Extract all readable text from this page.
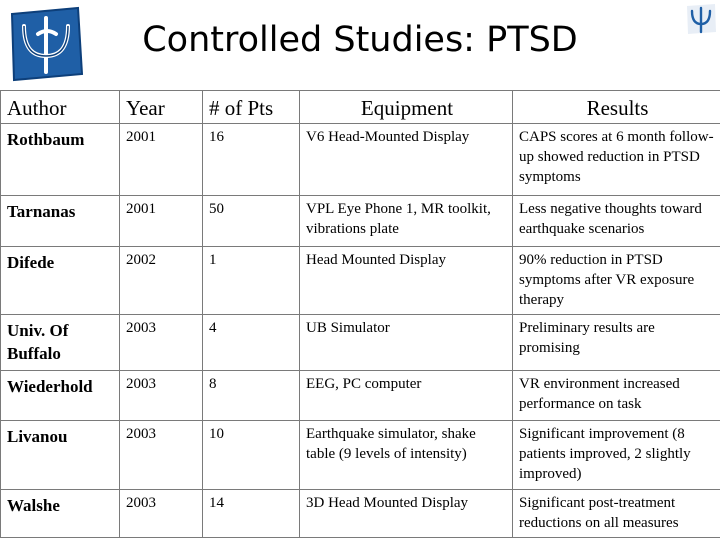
Controlled Studies: PTSD
Author	Year	# of Pts	Equipment	Results
Rothbaum	2001	16	V6 Head-Mounted Display	CAPS scores at 6 month follow-up showed reduction in PTSD symptoms
Tarnanas	2001	50	VPL Eye Phone 1, MR toolkit, vibrations plate	Less negative thoughts toward earthquake scenarios
Difede	2002	1	Head Mounted Display	90% reduction in PTSD symptoms after VR exposure therapy
Univ. Of Buffalo	2003	4	UB Simulator	Preliminary results are promising
Wiederhold	2003	8	EEG, PC computer	VR environment increased performance on task
Livanou	2003	10	Earthquake simulator, shake table (9 levels of intensity)	Significant improvement (8 patients improved, 2 slightly improved)
Walshe	2003	14	3D Head Mounted Display	Significant post-treatment reductions on all measures
